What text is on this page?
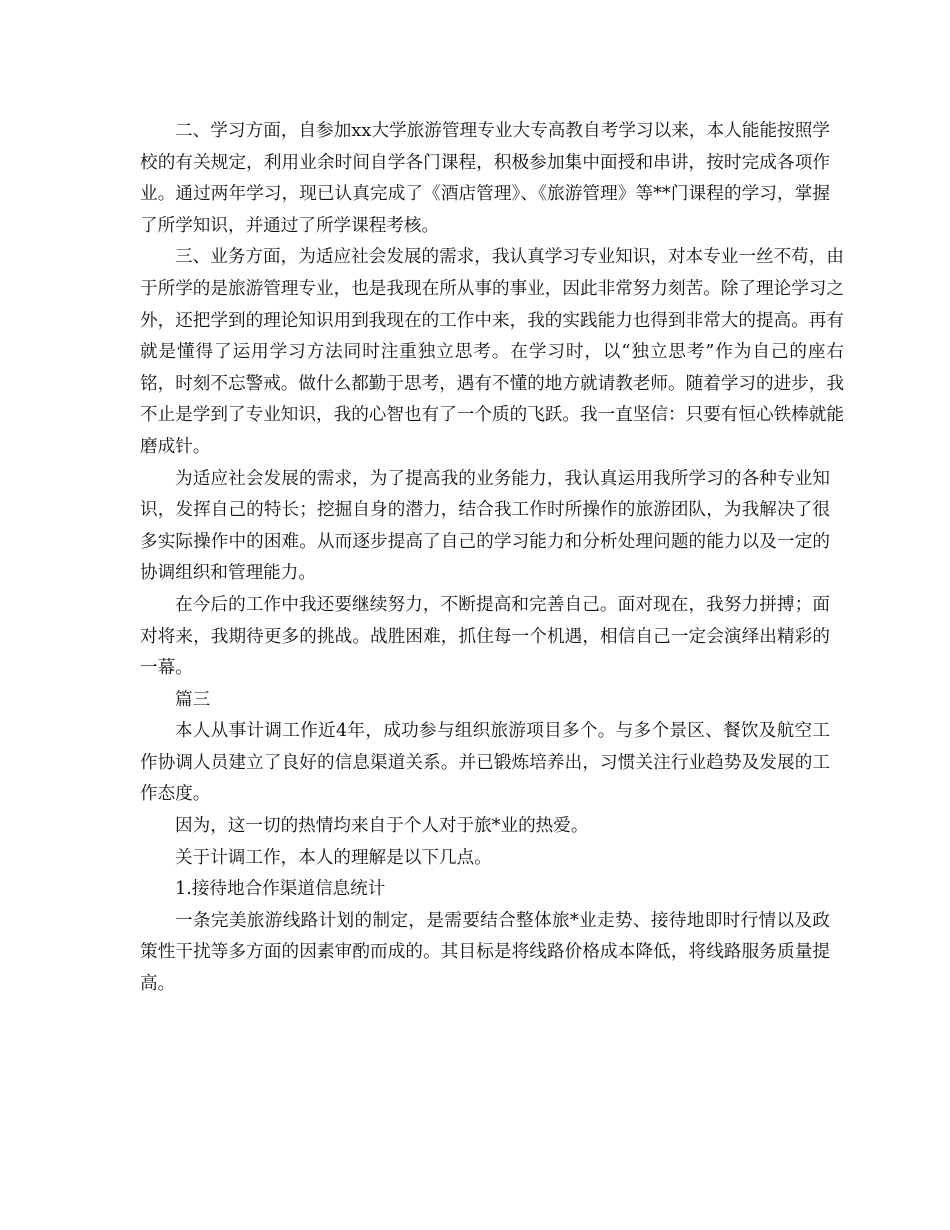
二、学习方面，自参加xx大学旅游管理专业大专高教自考学习以来，本人能能按照学校的有关规定，利用业余时间自学各门课程，积极参加集中面授和串讲，按时完成各项作业。通过两年学习，现已认真完成了《酒店管理》、《旅游管理》等**门课程的学习，掌握了所学知识，并通过了所学课程考核。

三、业务方面，为适应社会发展的需求，我认真学习专业知识，对本专业一丝不苟，由于所学的是旅游管理专业，也是我现在所从事的事业，因此非常努力刻苦。除了理论学习之外，还把学到的理论知识用到我现在的工作中来，我的实践能力也得到非常大的提高。再有就是懂得了运用学习方法同时注重独立思考。在学习时，以“独立思考”作为自己的座右铭，时刻不忘警戒。做什么都勤于思考，遇有不懂的地方就请教老师。随着学习的进步，我不止是学到了专业知识，我的心智也有了一个质的飞跃。我一直坚信：只要有恒心铁棒就能磨成针。

为适应社会发展的需求，为了提高我的业务能力，我认真运用我所学习的各种专业知识，发挥自己的特长；挖掘自身的潜力，结合我工作时所操作的旅游团队，为我解决了很多实际操作中的困难。从而逐步提高了自己的学习能力和分析处理问题的能力以及一定的协调组织和管理能力。

在今后的工作中我还要继续努力，不断提高和完善自己。面对现在，我努力拼搏；面对将来，我期待更多的挑战。战胜困难，抓住每一个机遇，相信自己一定会演绎出精彩的一幕。

篇三

本人从事计调工作近4年，成功参与组织旅游项目多个。与多个景区、餐饮及航空工作协调人员建立了良好的信息渠道关系。并已锻炼培养出，习惯关注行业趋势及发展的工作态度。

因为，这一切的热情均来自于个人对于旅*业的热爱。

关于计调工作，本人的理解是以下几点。

1.接待地合作渠道信息统计

一条完美旅游线路计划的制定，是需要结合整体旅*业走势、接待地即时行情以及政策性干扰等多方面的因素审酌而成的。其目标是将线路价格成本降低，将线路服务质量提高。
